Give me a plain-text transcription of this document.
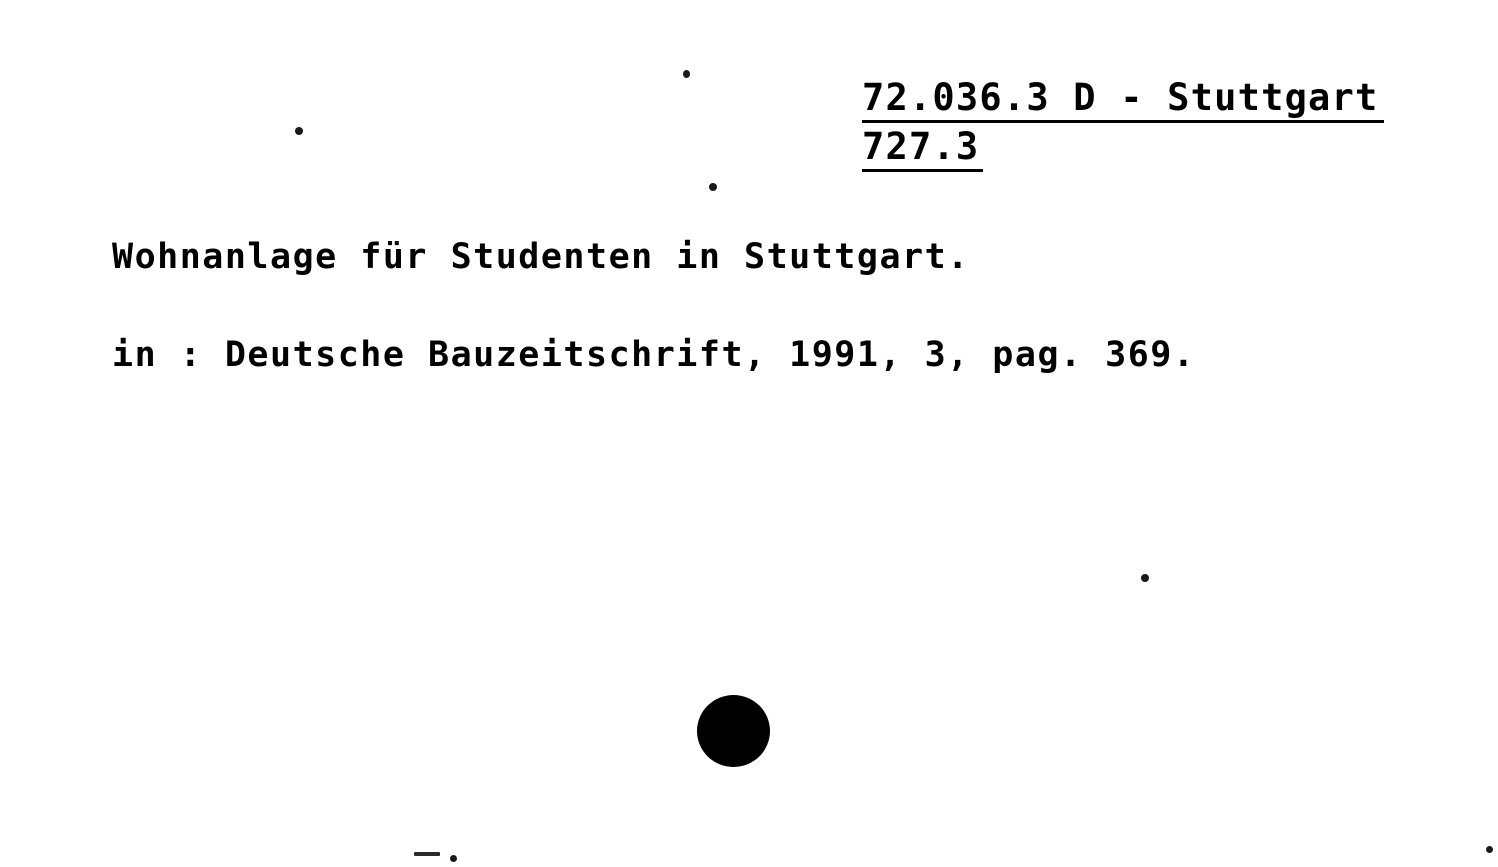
72.036.3 D - Stuttgart 727.3
Wohnanlage für Studenten in Stuttgart.
in : Deutsche Bauzeitschrift, 1991, 3, pag. 369.
